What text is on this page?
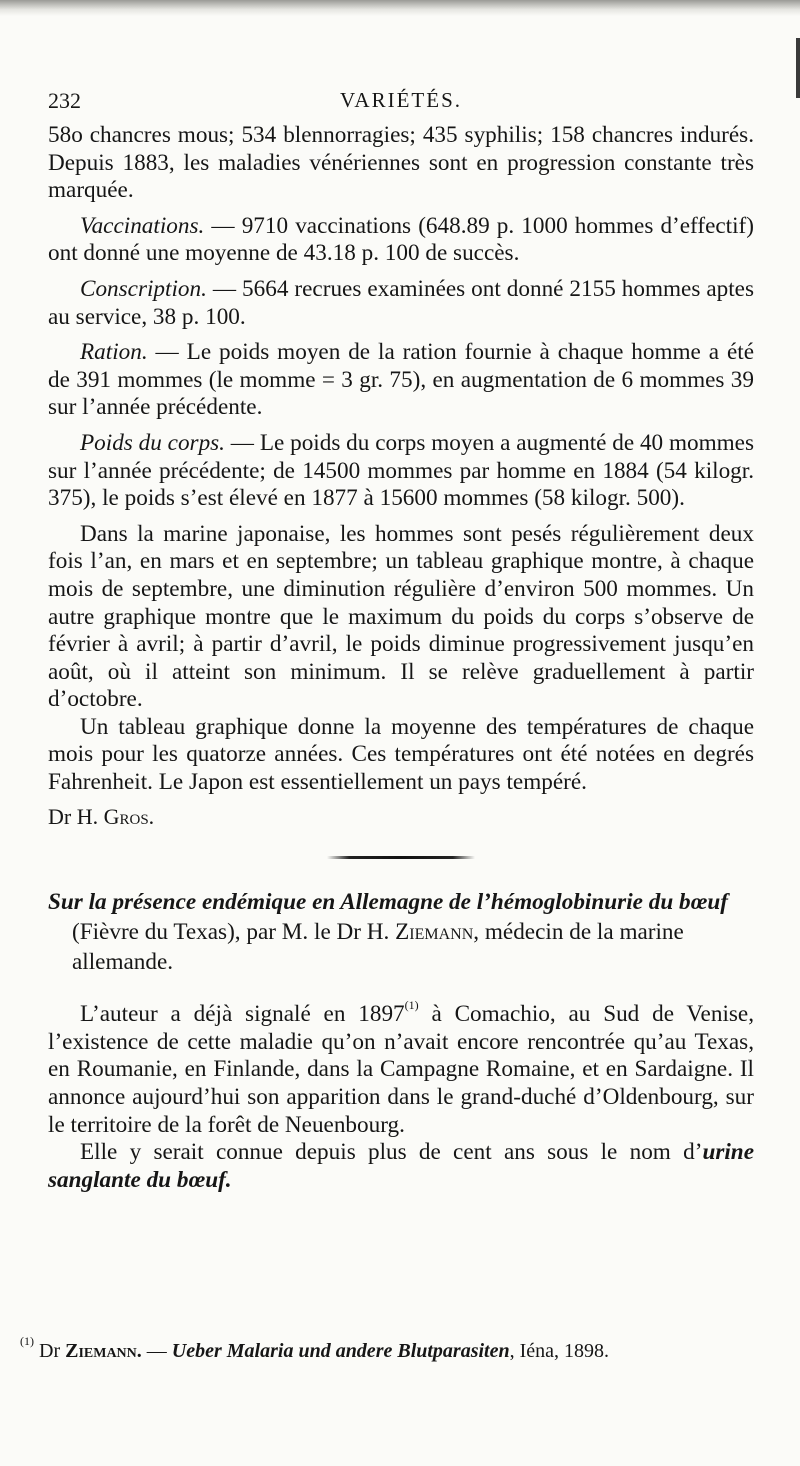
232	VARIÉTÉS.

58o chancres mous; 534 blennorragies; 435 syphilis; 158 chancres indurés. Depuis 1883, les maladies vénériennes sont en progression constante très marquée.

Vaccinations. — 9710 vaccinations (648.89 p. 1000 hommes d’effectif) ont donné une moyenne de 43.18 p. 100 de succès.

Conscription. — 5664 recrues examinées ont donné 2155 hommes aptes au service, 38 p. 100.

Ration. — Le poids moyen de la ration fournie à chaque homme a été de 391 mommes (le momme = 3 gr. 75), en augmentation de 6 mommes 39 sur l’année précédente.

Poids du corps. — Le poids du corps moyen a augmenté de 40 mommes sur l’année précédente; de 14500 mommes par homme en 1884 (54 kilogr. 375), le poids s’est élevé en 1877 à 15600 mommes (58 kilogr. 500).

Dans la marine japonaise, les hommes sont pesés régulièrement deux fois l’an, en mars et en septembre; un tableau graphique montre, à chaque mois de septembre, une diminution régulière d’environ 500 mommes. Un autre graphique montre que le maximum du poids du corps s’observe de février à avril; à partir d’avril, le poids diminue progressivement jusqu’en août, où il atteint son minimum. Il se relève graduellement à partir d’octobre.

Un tableau graphique donne la moyenne des températures de chaque mois pour les quatorze années. Ces températures ont été notées en degrés Fahrenheit. Le Japon est essentiellement un pays tempéré.

Dr H. Gros.

Sur la présence endémique en Allemagne de l’hémoglobinurie du bœuf
(Fièvre du Texas), par M. le Dr H. Ziemann, médecin de la marine allemande.

L’auteur a déjà signalé en 1897$^{(1)}$ à Comachio, au Sud de Venise, l’existence de cette maladie qu’on n’avait encore rencontrée qu’au Texas, en Roumanie, en Finlande, dans la Campagne Romaine, et en Sardaigne. Il annonce aujourd’hui son apparition dans le grand-duché d’Oldenbourg, sur le territoire de la forêt de Neuenbourg.

Elle y serait connue depuis plus de cent ans sous le nom d’urine sanglante du bœuf.

$^{(1)}$ Dr Ziemann. — Ueber Malaria und andere Blutparasiten, Iéna, 1898.
